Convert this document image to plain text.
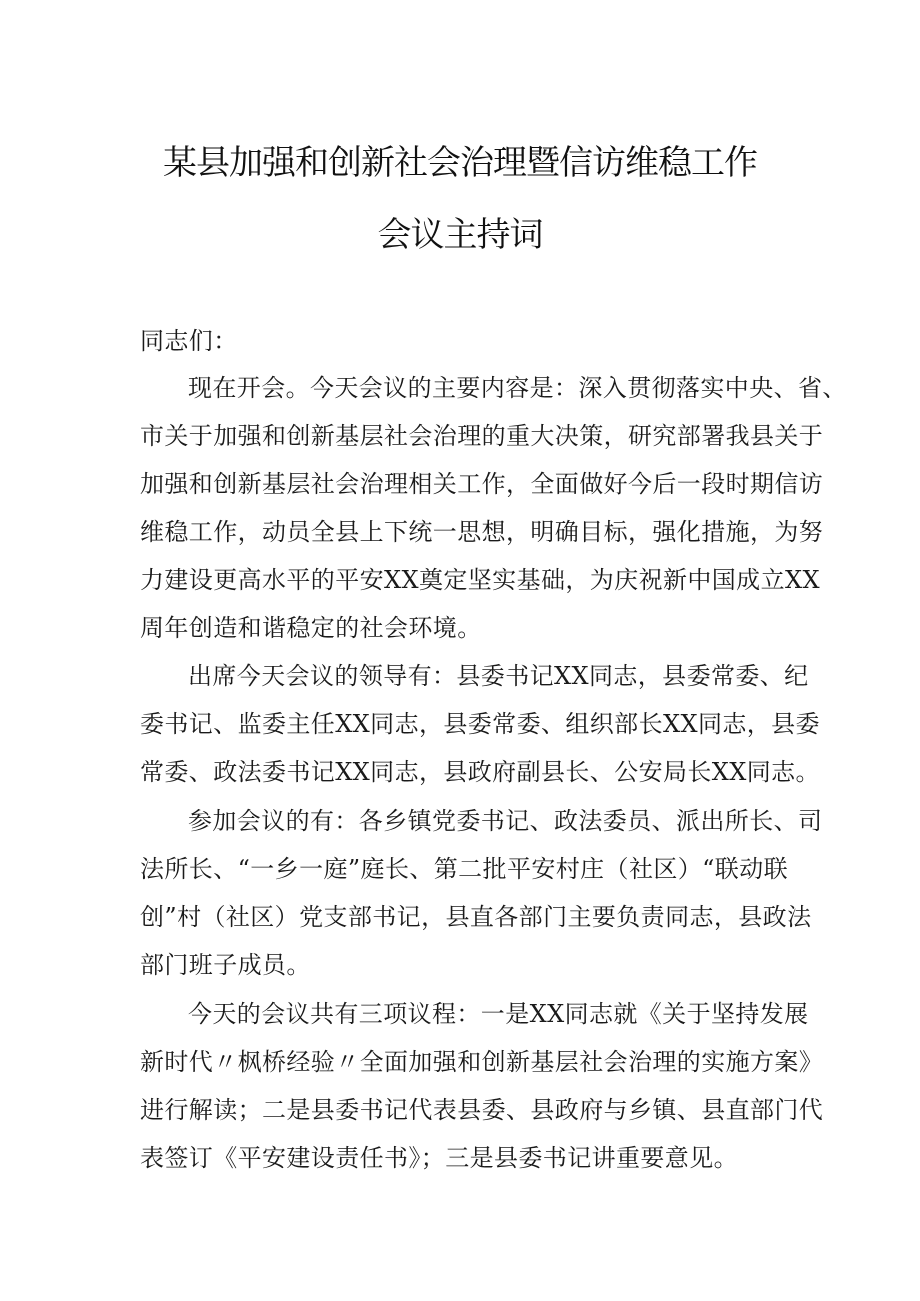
某县加强和创新社会治理暨信访维稳工作
会议主持词
同志们：
现在开会。今天会议的主要内容是：深入贯彻落实中央、省、
市关于加强和创新基层社会治理的重大决策，研究部署我县关于
加强和创新基层社会治理相关工作，全面做好今后一段时期信访
维稳工作，动员全县上下统一思想，明确目标，强化措施，为努
力建设更高水平的平安XX奠定坚实基础，为庆祝新中国成立XX
周年创造和谐稳定的社会环境。
出席今天会议的领导有：县委书记XX同志，县委常委、纪
委书记、监委主任XX同志，县委常委、组织部长XX同志，县委
常委、政法委书记XX同志，县政府副县长、公安局长XX同志。
参加会议的有：各乡镇党委书记、政法委员、派出所长、司
法所长、“一乡一庭”庭长、第二批平安村庄（社区）“联动联
创”村（社区）党支部书记，县直各部门主要负责同志，县政法
部门班子成员。
今天的会议共有三项议程：一是XX同志就《关于坚持发展
新时代〃枫桥经验〃全面加强和创新基层社会治理的实施方案》
进行解读；二是县委书记代表县委、县政府与乡镇、县直部门代
表签订《平安建设责任书》；三是县委书记讲重要意见。
